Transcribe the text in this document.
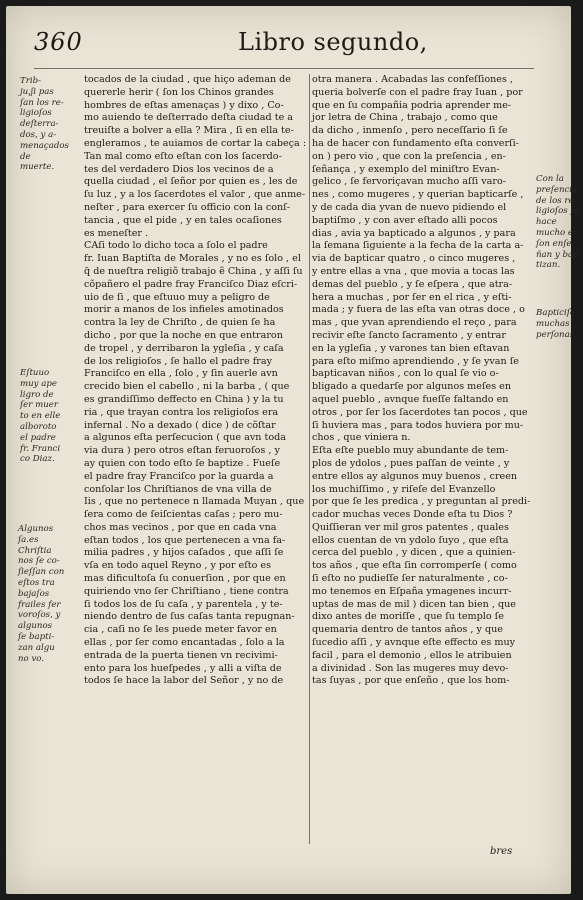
360	Libro segundo,
Trib-
ju,ʃi pas
ſan los re-
ligioſos
deſterra-
dos, y a-
menaçados
de
muerte.
Eſtuuo
muy ape
ligro de
ſer muer
to en elle
alboroto
el padre
fr. Franci
co Diaz.
Algunos
ſa.es
Chriſtia
nos ſe co-
ſieſſan con
eſtos tra
bajaſos
frailes fer
voroſos, y
algunos
ſe bapti-
zan algu
no vo.
Con la
preſencia
de los re
ligioſos ſe
hace
mucho e
ſon enſe
ñan y bap
tizan.
Bapticiſe
muchas
perſonas.
tocados de la ciudad , que hiço ademan de
quererle herir ( ſon los Chinos grandes
hombres de eſtas amenaças ) y dixo , Co-
mo auiendo te deſterrado deſta ciudad te a
treuiſte a bolver a ella ? Mira , ſi en ella te-
engleramos , te auiamos de cortar la cabeça :
Tan mal como eſto eſtan con los ſacerdo-
tes del verdadero Dios los vecinos de a
quella ciudad , el ſeñor por quien es , les de
ſu luz , y a los ſacerdotes el valor , que anme-
neſter , para exercer ſu officio con la conſ-
tancia , que el pide , y en tales ocaſiones
es meneſter .
CAſi todo lo dicho toca a ſolo el padre
fr. Iuan Baptiſta de Morales , y no es ſolo , el
q̃ de nueſtra religiõ trabajo ẽ China , y aſſi ſu
cõpañero el padre fray Franciſco Diaz eſcri-
uio de ſi , que eſtuuo muy a peligro de
morir a manos de los infieles amotinados
contra la ley de Chriſto , de quien ſe ha
dicho , por que la noche en que entraron
de tropel , y derribaron la ygleſia , y caſa
de los religioſos , ſe hallo el padre fray
Franciſco en ella , ſolo , y ſin auerle avn
crecido bien el cabello , ni la barba , ( que
es grandiſſimo deffecto en China ) y la tu
ria , que trayan contra los religioſos era
infernal . No a dexado ( dice ) de cõſtar
a algunos eſta perſecucion ( que avn toda
via dura ) pero otros eſtan feruoroſos , y
ay quien con todo eſto ſe baptize . Fueſe
el padre fray Franciſco por la guarda a
conſolar los Chriſtianos de vna villa de
Iis , que no pertenece n llamada Muyan , que
ſera como de ſeiſcientas caſas ; pero mu-
chos mas vecinos , por que en cada vna
eſtan todos , los que pertenecen a vna fa-
milia padres , y hijos caſados , que aſſi ſe
vſa en todo aquel Reyno , y por eſto es
mas dificultoſa ſu conuerſion , por que en
quiriendo vno ſer Chriſtiano , tiene contra
ſi todos los de ſu caſa , y parentela , y te-
niendo dentro de ſus caſas tanta repugnan-
cia , caſi no ſe les puede meter favor en
ellas , por ſer como encantadas , ſolo a la
entrada de la puerta tienen vn recivimi-
ento para los hueſpedes , y alli a viſta de
todos ſe hace la labor del Señor , y no de
otra manera . Acabadas las confeſſiones ,
queria bolverſe con el padre fray Iuan , por
que en ſu compañia podria aprender me-
jor letra de China , trabajo , como que
da dicho , inmenſo , pero neceſſario ſi ſe
ha de hacer con fundamento eſta converſi-
on ) pero vio , que con la preſencia , en-
ſeñança , y exemplo del miniſtro Evan-
gelico , ſe fervoriçavan mucho aſſi varo-
nes , como mugeres , y querian bapticarſe ,
y de cada dia yvan de nuevo pidiendo el
baptiſmo , y con aver eſtado alli pocos
dias , avia ya bapticado a algunos , y para
la ſemana ſiguiente a la fecha de la carta a-
via de bapticar quatro , o cinco mugeres ,
y entre ellas a vna , que movia a tocas las
demas del pueblo , y ſe eſpera , que atra-
hera a muchas , por ſer en el rica , y eſti-
mada ; y fuera de las eſta van otras doce , o
mas , que yvan aprendiendo el reço , para
recivir eſte ſancto ſacramento , y entrar
en la ygleſia , y varones tan bien eſtavan
para eſto miſmo aprendiendo , y ſe yvan ſe
bapticavan niños , con lo qual ſe vio o-
bligado a quedarſe por algunos meſes en
aquel pueblo , avnque fueſſe faltando en
otros , por ſer los ſacerdotes tan pocos , que
ſi huviera mas , para todos huviera por mu-
chos , que viniera n.
Eſta eſte pueblo muy abundante de tem-
plos de ydolos , pues paſſan de veinte , y
entre ellos ay algunos muy buenos , creen
los muchiſſimo , y riſeſe del Evanzello
por que ſe les predica , y preguntan al predi-
cador muchas veces Donde eſta tu Dios ?
Quiſſieran ver mil gros patentes , quales
ellos cuentan de vn ydolo ſuyo , que eſta
cerca del pueblo , y dicen , que a quinien-
tos años , que eſta ſin corromperſe ( como
ſi eſto no pudieſſe ſer naturalmente , co-
mo tenemos en Eſpaña ymagenes incurr-
uptas de mas de mil ) dicen tan bien , que
dixo antes de moriſſe , que ſu templo ſe
quemaria dentro de tantos años , y que
ſucedio aſſi , y avnque eſte effecto es muy
facil , para el demonio , ellos le atribuien
a divinidad . Son las mugeres muy devo-
tas ſuyas , por que enſeño , que los hom-
bres
